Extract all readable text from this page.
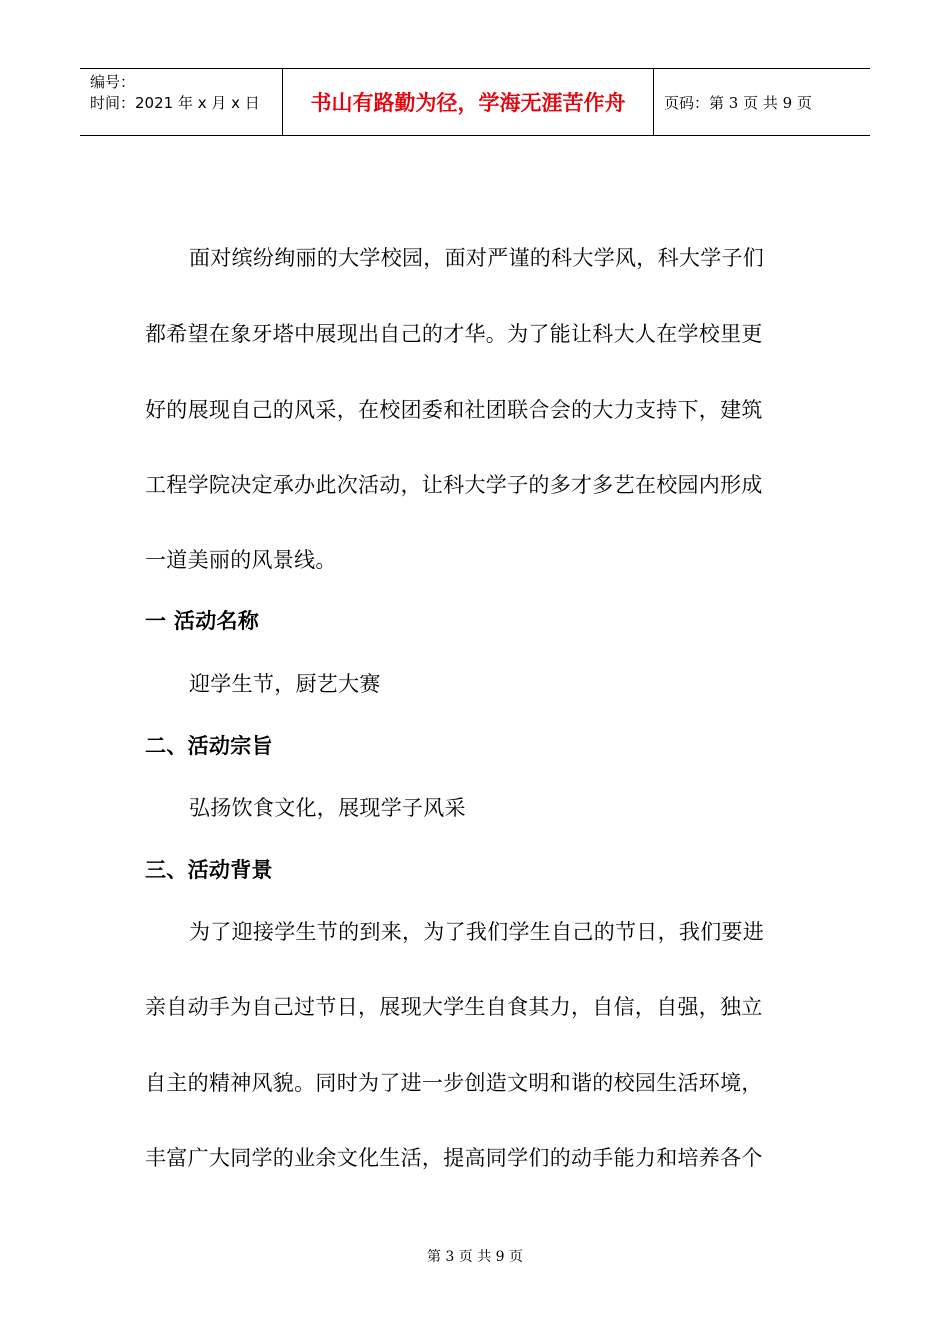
编号：
时间：2021 年 x 月 x 日	书山有路勤为径，学海无涯苦作舟	页码：第 3 页 共 9 页
面对缤纷绚丽的大学校园，面对严谨的科大学风，科大学子们
都希望在象牙塔中展现出自己的才华。为了能让科大人在学校里更
好的展现自己的风采，在校团委和社团联合会的大力支持下，建筑
工程学院决定承办此次活动，让科大学子的多才多艺在校园内形成
一道美丽的风景线。
一 活动名称
迎学生节，厨艺大赛
二、活动宗旨
弘扬饮食文化，展现学子风采
三、活动背景
为了迎接学生节的到来，为了我们学生自己的节日，我们要进
亲自动手为自己过节日，展现大学生自食其力，自信，自强，独立
自主的精神风貌。同时为了进一步创造文明和谐的校园生活环境，
丰富广大同学的业余文化生活，提高同学们的动手能力和培养各个
第 3 页 共 9 页
